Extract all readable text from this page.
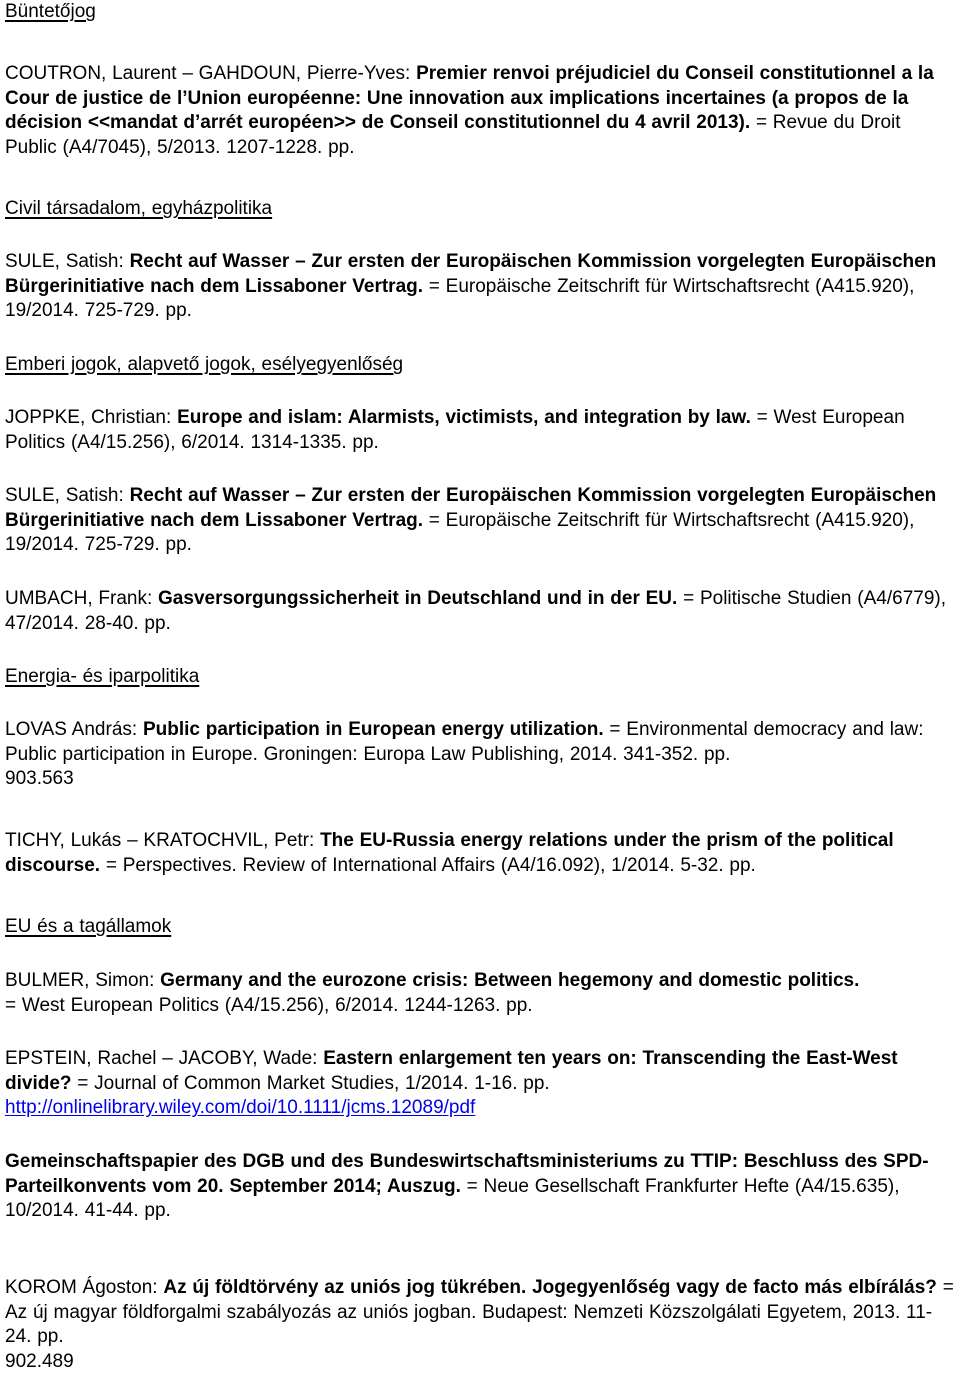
Büntetőjog

COUTRON, Laurent – GAHDOUN, Pierre-Yves: Premier renvoi préjudiciel du Conseil constitutionnel a la Cour de justice de l’Union européenne: Une innovation aux implications incertaines (a propos de la décision <<mandat d’arrét européen>> de Conseil constitutionnel du 4 avril 2013). = Revue du Droit Public (A4/7045), 5/2013. 1207-1228. pp.

Civil társadalom, egyházpolitika

SULE, Satish: Recht auf Wasser – Zur ersten der Europäischen Kommission vorgelegten Europäischen Bürgerinitiative nach dem Lissaboner Vertrag. = Europäische Zeitschrift für Wirtschaftsrecht (A415.920), 19/2014. 725-729. pp.

Emberi jogok, alapvető jogok, esélyegyenlőség

JOPPKE, Christian: Europe and islam: Alarmists, victimists, and integration by law. = West European Politics (A4/15.256), 6/2014. 1314-1335. pp.

SULE, Satish: Recht auf Wasser – Zur ersten der Europäischen Kommission vorgelegten Europäischen Bürgerinitiative nach dem Lissaboner Vertrag. = Europäische Zeitschrift für Wirtschaftsrecht (A415.920), 19/2014. 725-729. pp.

UMBACH, Frank: Gasversorgungssicherheit in Deutschland und in der EU. = Politische Studien (A4/6779), 47/2014. 28-40. pp.

Energia- és iparpolitika

LOVAS András: Public participation in European energy utilization. = Environmental democracy and law: Public participation in Europe. Groningen: Europa Law Publishing, 2014. 341-352. pp.
903.563

TICHY, Lukás – KRATOCHVIL, Petr: The EU-Russia energy relations under the prism of the political discourse. = Perspectives. Review of International Affairs (A4/16.092), 1/2014. 5-32. pp.

EU és a tagállamok

BULMER, Simon: Germany and the eurozone crisis: Between hegemony and domestic politics.
= West European Politics (A4/15.256), 6/2014. 1244-1263. pp.

EPSTEIN, Rachel – JACOBY, Wade: Eastern enlargement ten years on: Transcending the East-West divide? = Journal of Common Market Studies, 1/2014. 1-16. pp.
http://onlinelibrary.wiley.com/doi/10.1111/jcms.12089/pdf

Gemeinschaftspapier des DGB und des Bundeswirtschaftsministeriums zu TTIP: Beschluss des SPD-Parteilkonvents vom 20. September 2014; Auszug. = Neue Gesellschaft Frankfurter Hefte (A4/15.635), 10/2014. 41-44. pp.

KOROM Ágoston: Az új földtörvény az uniós jog tükrében. Jogegyenlőség vagy de facto más elbírálás? = Az új magyar földforgalmi szabályozás az uniós jogban. Budapest: Nemzeti Közszolgálati Egyetem, 2013. 11-24. pp.
902.489
